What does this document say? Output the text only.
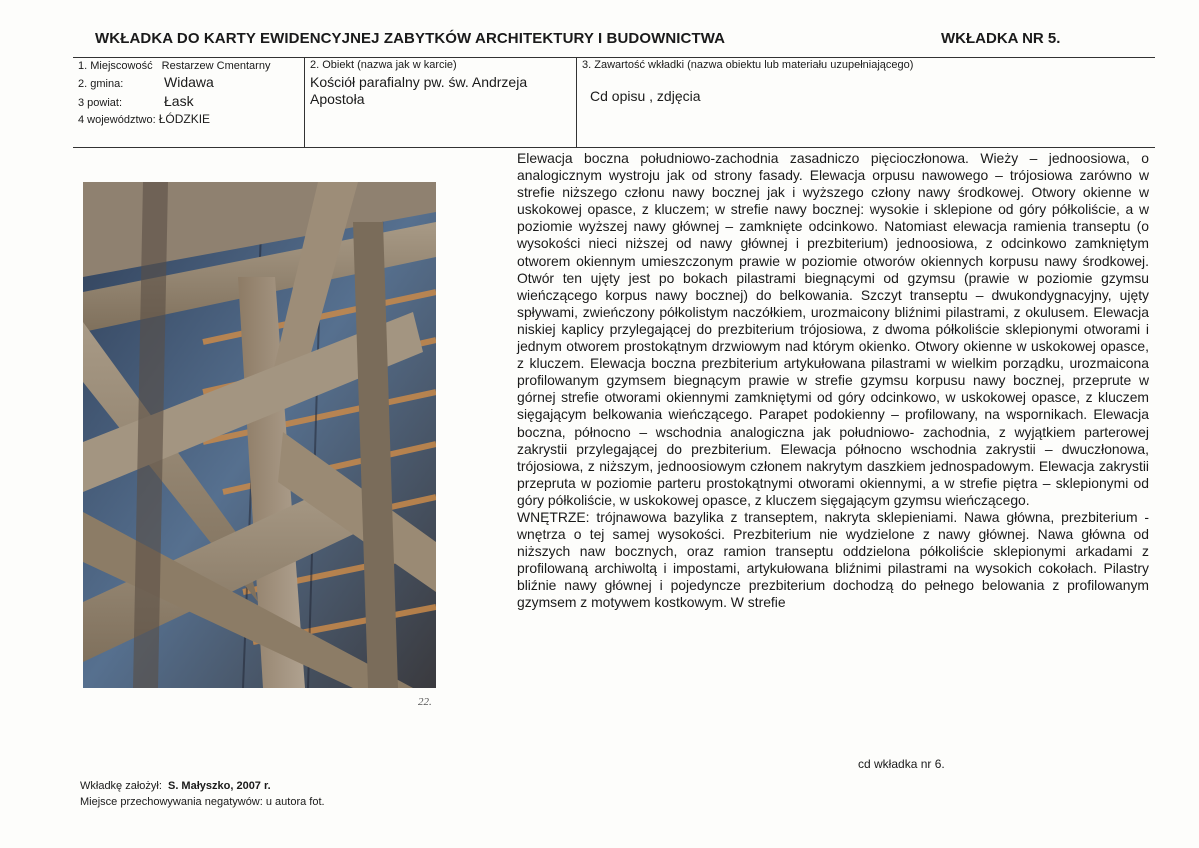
WKŁADKA DO KARTY EWIDENCYJNEJ ZABYTKÓW ARCHITEKTURY I BUDOWNICTWA	WKŁADKA NR 5.
1. Miejscowość Restarzew Cmentarny
2. gmina:	Widawa
3 powiat:	Łask
4 województwo: ŁÓDZKIE
2. Obiekt (nazwa jak w karcie)
Kościół parafialny pw. św. Andrzeja Apostoła
3. Zawartość wkładki (nazwa obiektu lub materiału uzupełniającego)
Cd opisu , zdjęcia
22.

Elewacja boczna południowo-zachodnia zasadniczo pięcioczłonowa. Wieży – jednoosiowa, o analogicznym wystroju jak od strony fasady. Elewacja orpusu nawowego – trójosiowa zarówno w strefie niższego członu nawy bocznej jak i wyższego człony nawy środkowej. Otwory okienne w uskokowej opasce, z kluczem; w strefie nawy bocznej: wysokie i sklepione od góry półkoliście, a w poziomie wyższej nawy głównej – zamknięte odcinkowo. Natomiast elewacja ramienia transeptu (o wysokości nieci niższej od nawy głównej i prezbiterium) jednoosiowa, z odcinkowo zamkniętym otworem okiennym umieszczonym prawie w poziomie otworów okiennych korpusu nawy środkowej. Otwór ten ujęty jest po bokach pilastrami biegnącymi od gzymsu (prawie w poziomie gzymsu wieńczącego korpus nawy bocznej) do belkowania. Szczyt transeptu – dwukondygnacyjny, ujęty spływami, zwieńczony półkolistym naczółkiem, urozmaicony bliźnimi pilastrami, z okulusem. Elewacja niskiej kaplicy przylegającej do prezbiterium trójosiowa, z dwoma półkoliście sklepionymi otworami i jednym otworem prostokątnym drzwiowym nad którym okienko. Otwory okienne w uskokowej opasce, z kluczem. Elewacja boczna prezbiterium artykułowana pilastrami w wielkim porządku, urozmaicona profilowanym gzymsem biegnącym prawie w strefie gzymsu korpusu nawy bocznej, przeprute w górnej strefie otworami okiennymi zamkniętymi od góry odcinkowo, w uskokowej opasce, z kluczem sięgającym belkowania wieńczącego. Parapet podokienny – profilowany, na wspornikach. Elewacja boczna, północno – wschodnia analogiczna jak południowo- zachodnia, z wyjątkiem parterowej zakrystii przylegającej do prezbiterium. Elewacja północno wschodnia zakrystii – dwuczłonowa, trójosiowa, z niższym, jednoosiowym członem nakrytym daszkiem jednospadowym. Elewacja zakrystii przepruta w poziomie parteru prostokątnymi otworami okiennymi, a w strefie piętra – sklepionymi od góry półkoliście, w uskokowej opasce, z kluczem sięgającym gzymsu wieńczącego.

WNĘTRZE: trójnawowa bazylika z transeptem, nakryta sklepieniami. Nawa główna, prezbiterium - wnętrza o tej samej wysokości. Prezbiterium nie wydzielone z nawy głównej. Nawa główna od niższych naw bocznych, oraz ramion transeptu oddzielona półkoliście sklepionymi arkadami z profilowaną archiwoltą i impostami, artykułowana bliźnimi pilastrami na wysokich cokołach. Pilastry bliźnie nawy głównej i pojedyncze prezbiterium dochodzą do pełnego belowania z profilowanym gzymsem z motywem kostkowym. W strefie

cd wkładka nr 6.
Wkładkę założył: S. Małyszko, 2007 r.
Miejsce przechowywania negatywów: u autora fot.
